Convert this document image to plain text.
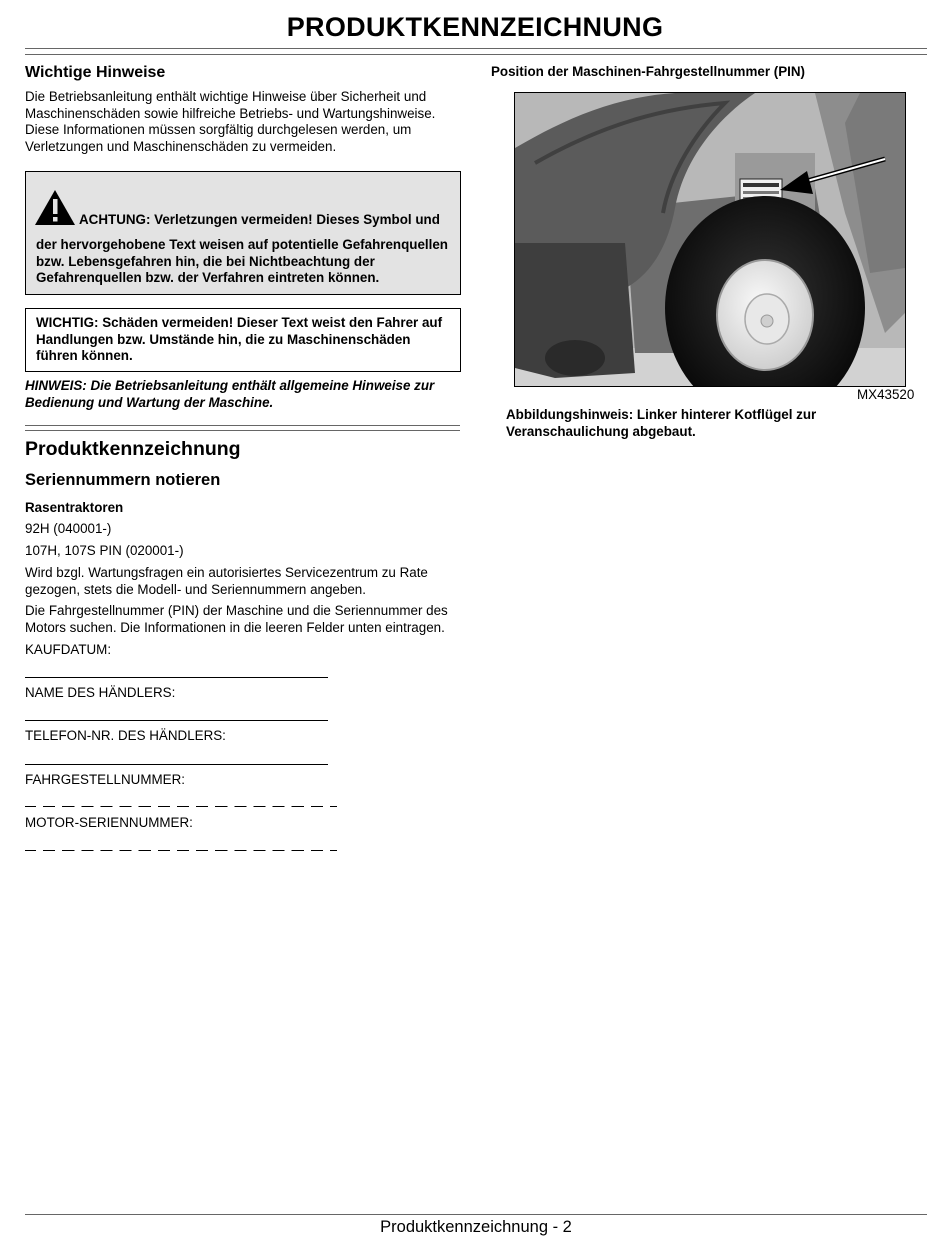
PRODUKTKENNZEICHNUNG
Wichtige Hinweise
Die Betriebsanleitung enthält wichtige Hinweise über Sicherheit und Maschinenschäden sowie hilfreiche Betriebs- und Wartungshinweise. Diese Informationen müssen sorgfältig durchgelesen werden, um Verletzungen und Maschinenschäden zu vermeiden.
ACHTUNG: Verletzungen vermeiden! Dieses Symbol und
der hervorgehobene Text weisen auf potentielle Gefahrenquellen bzw. Lebensgefahren hin, die bei Nichtbeachtung der Gefahrenquellen bzw. der Verfahren eintreten können.
WICHTIG: Schäden vermeiden! Dieser Text weist den Fahrer auf Handlungen bzw. Umstände hin, die zu Maschinenschäden führen können.
HINWEIS: Die Betriebsanleitung enthält allgemeine Hinweise zur Bedienung und Wartung der Maschine.
Produktkennzeichnung
Seriennummern notieren
Rasentraktoren
92H (040001-)
107H, 107S PIN (020001-)
Wird bzgl. Wartungsfragen ein autorisiertes Servicezentrum zu Rate gezogen, stets die Modell- und Seriennummern angeben.
Die Fahrgestellnummer (PIN) der Maschine und die Seriennummer des Motors suchen. Die Informationen in die leeren Felder unten eintragen.
KAUFDATUM:
NAME DES HÄNDLERS:
TELEFON-NR. DES HÄNDLERS:
FAHRGESTELLNUMMER:
MOTOR-SERIENNUMMER:
Position der Maschinen-Fahrgestellnummer (PIN)
MX43520
Abbildungshinweis: Linker hinterer Kotflügel zur Veranschaulichung abgebaut.
Produktkennzeichnung - 2
